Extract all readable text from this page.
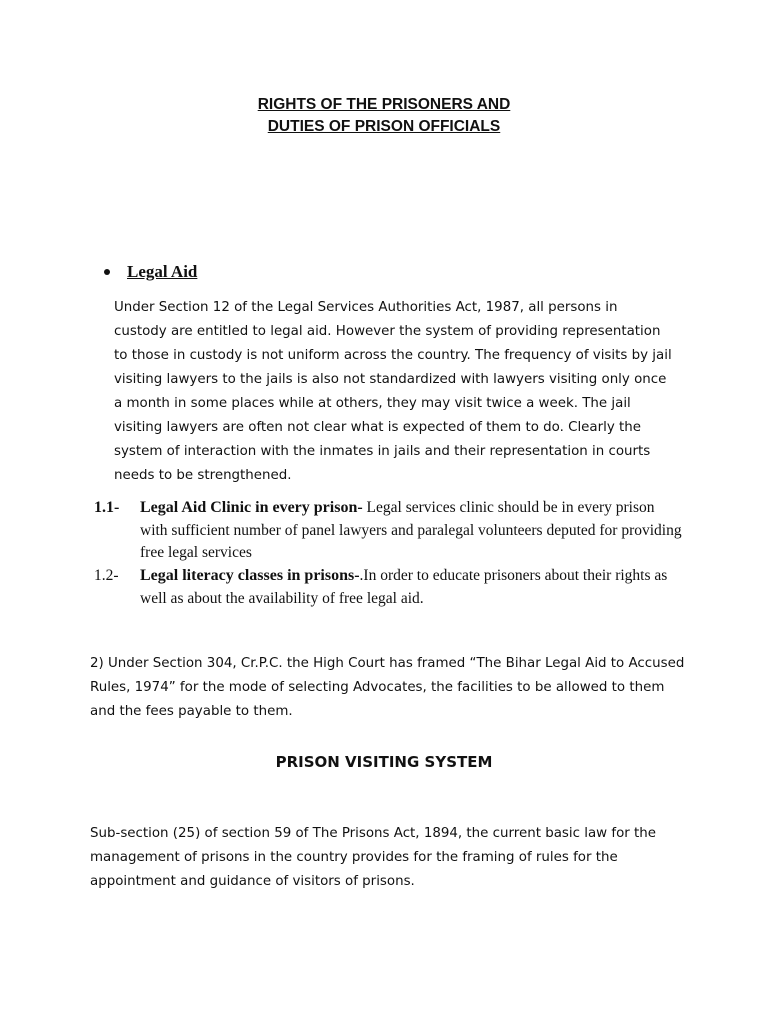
RIGHTS OF THE PRISONERS AND
DUTIES OF PRISON OFFICIALS
Legal Aid

Under Section 12 of the Legal Services Authorities Act, 1987, all persons in custody are entitled to legal aid. However the system of providing representation to those in custody is not uniform across the country. The frequency of visits by jail visiting lawyers to the jails is also not standardized with lawyers visiting only once a month in some places while at others, they may visit twice a week. The jail visiting lawyers are often not clear what is expected of them to do. Clearly the system of interaction with the inmates in jails and their representation in courts needs to be strengthened.

1.1-	Legal Aid Clinic in every prison- Legal services clinic should be in every prison with sufficient number of panel lawyers and paralegal volunteers deputed for providing free legal services
1.2-	Legal literacy classes in prisons-.In order to educate prisoners about their rights as well as about the availability of free legal aid.

2) Under Section 304, Cr.P.C. the High Court has framed “The Bihar Legal Aid to Accused Rules, 1974” for the mode of selecting Advocates, the facilities to be allowed to them and the fees payable to them.

PRISON VISITING SYSTEM

Sub-section (25) of section 59 of The Prisons Act, 1894, the current basic law for the management of prisons in the country provides for the framing of rules for the appointment and guidance of visitors of prisons.
